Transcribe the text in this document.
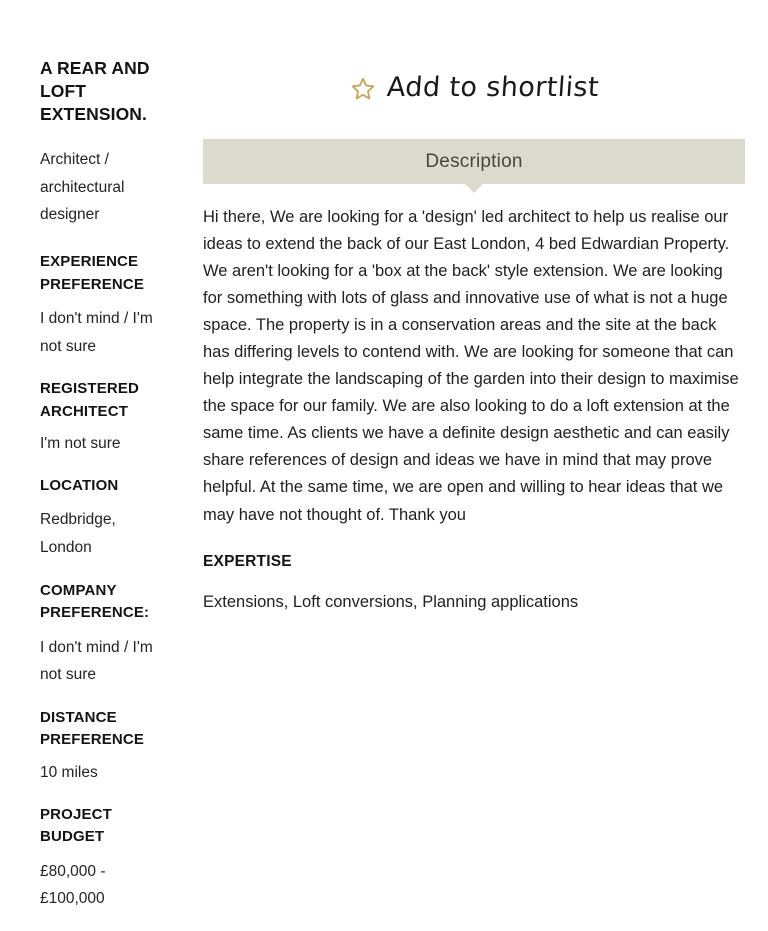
A REAR AND LOFT EXTENSION.

Architect / architectural designer

EXPERIENCE PREFERENCE

I don't mind / I'm not sure

REGISTERED ARCHITECT

I'm not sure

LOCATION

Redbridge, London

COMPANY PREFERENCE:

I don't mind / I'm not sure

DISTANCE PREFERENCE

10 miles

PROJECT BUDGET

£80,000 - £100,000

Add to shortlist
Description

Hi there, We are looking for a 'design' led architect to help us realise our ideas to extend the back of our East London, 4 bed Edwardian Property. We aren't looking for a 'box at the back' style extension. We are looking for something with lots of glass and innovative use of what is not a huge space. The property is in a conservation areas and the site at the back has differing levels to contend with. We are looking for someone that can help integrate the landscaping of the garden into their design to maximise the space for our family. We are also looking to do a loft extension at the same time. As clients we have a definite design aesthetic and can easily share references of design and ideas we have in mind that may prove helpful. At the same time, we are open and willing to hear ideas that we may have not thought of. Thank you

EXPERTISE

Extensions, Loft conversions, Planning applications
